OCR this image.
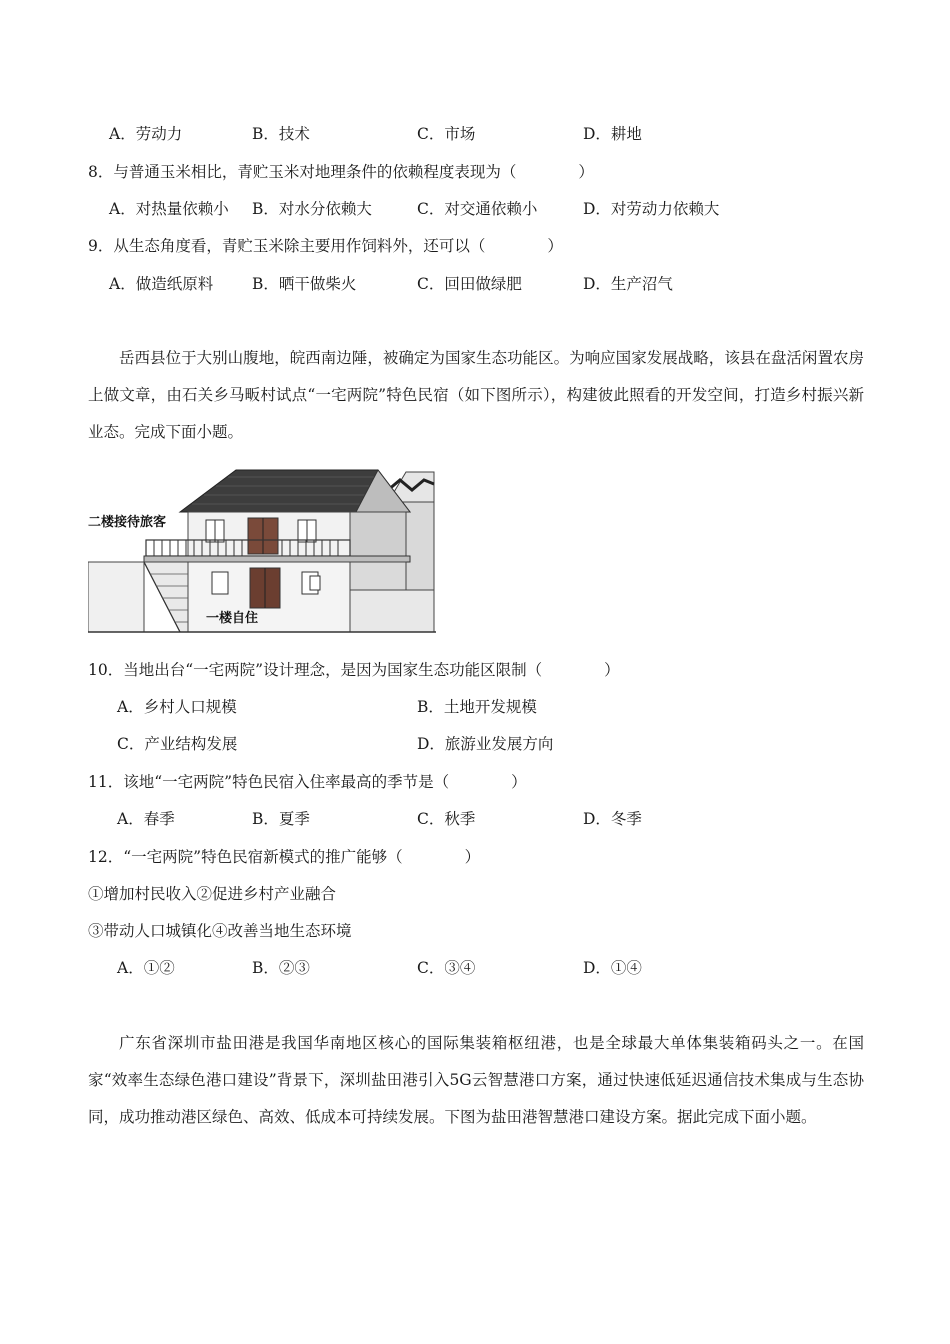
A．劳动力	B．技术	C．市场	D．耕地
8．与普通玉米相比，青贮玉米对地理条件的依赖程度表现为（　　　　）
A．对热量依赖小 B．对水分依赖大	C．对交通依赖小	D．对劳动力依赖大
9．从生态角度看，青贮玉米除主要用作饲料外，还可以（　　　　）
A．做造纸原料	B．晒干做柴火	C．回田做绿肥	D．生产沼气
岳西县位于大别山腹地，皖西南边陲，被确定为国家生态功能区。为响应国家发展战略，该县在盘活闲置农房上做文章，由石关乡马畈村试点“一宅两院”特色民宿（如下图所示），构建彼此照看的开发空间，打造乡村振兴新业态。完成下面小题。
二楼接待旅客
一楼自住
10．当地出台“一宅两院”设计理念，是因为国家生态功能区限制（　　　　）
A．乡村人口规模	B．土地开发规模
C．产业结构发展	D．旅游业发展方向
11．该地“一宅两院”特色民宿入住率最高的季节是（　　　　）
A．春季	B．夏季	C．秋季	D．冬季
12．“一宅两院”特色民宿新模式的推广能够（　　　　）
①增加村民收入②促进乡村产业融合
③带动人口城镇化④改善当地生态环境
A．①②	B．②③	C．③④	D．①④
广东省深圳市盐田港是我国华南地区核心的国际集装箱枢纽港，也是全球最大单体集装箱码头之一。在国家“效率生态绿色港口建设”背景下，深圳盐田港引入5G云智慧港口方案，通过快速低延迟通信技术集成与生态协同，成功推动港区绿色、高效、低成本可持续发展。下图为盐田港智慧港口建设方案。据此完成下面小题。
